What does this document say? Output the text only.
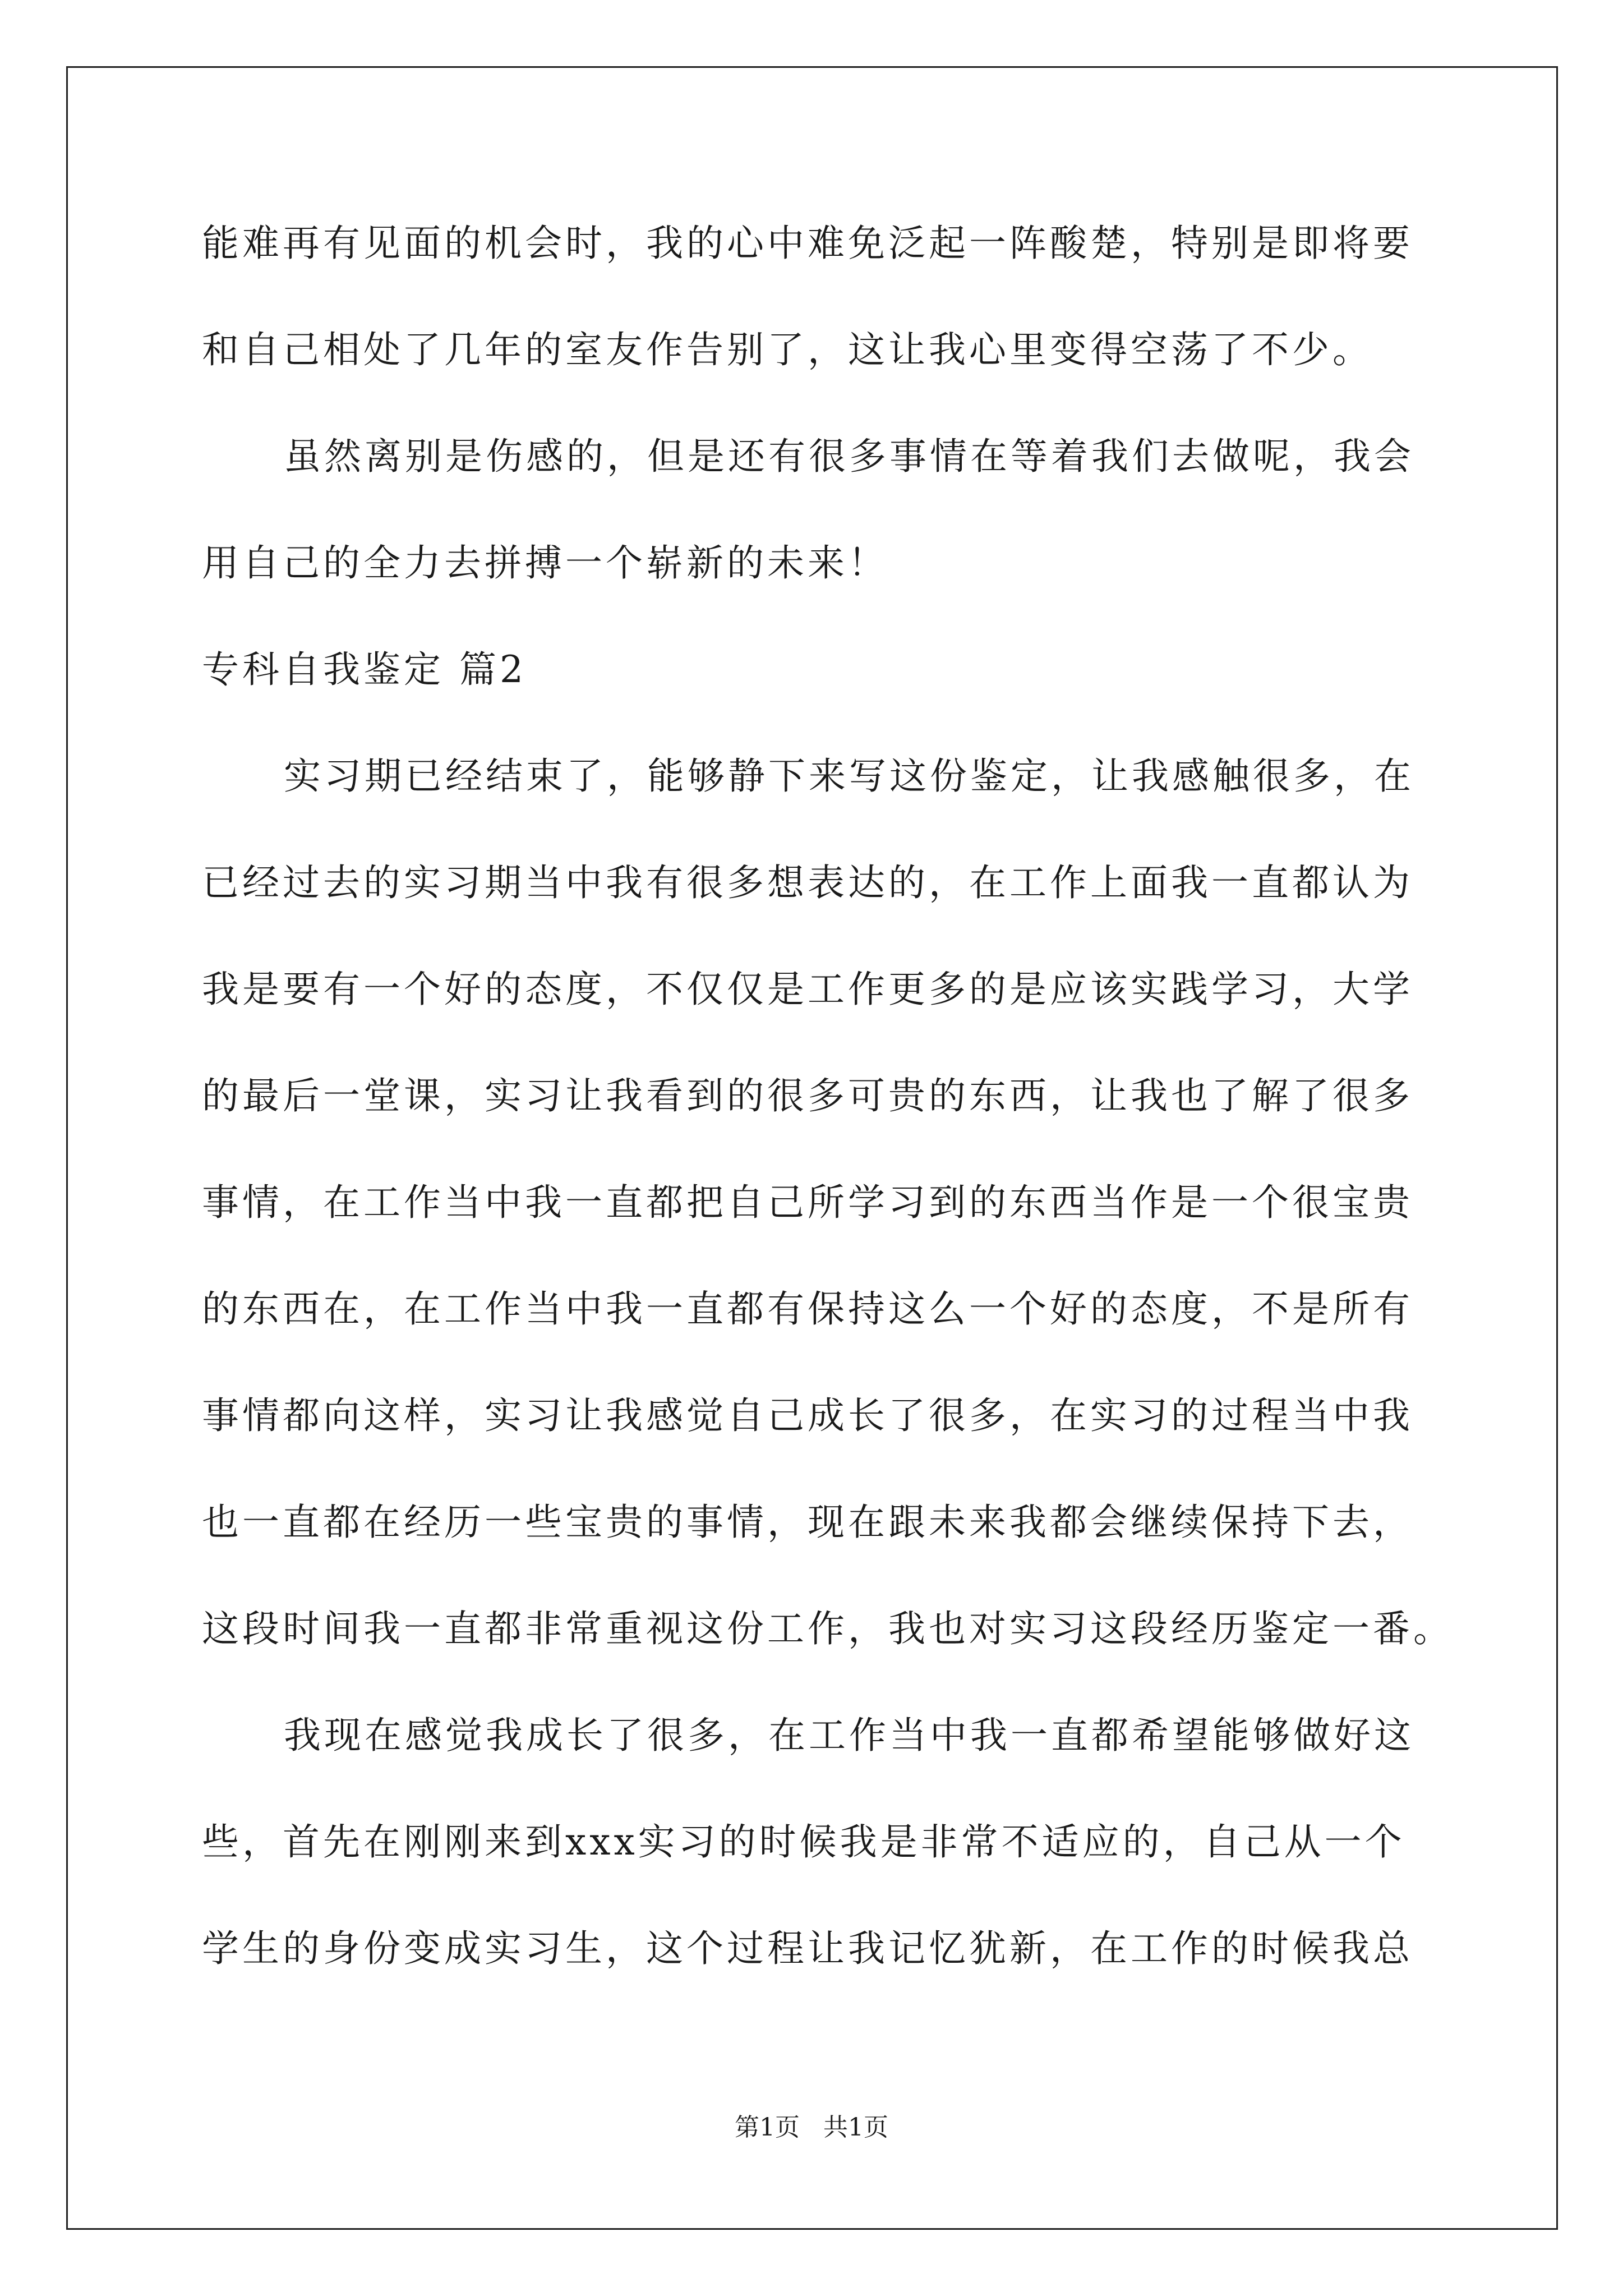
能难再有见面的机会时，我的心中难免泛起一阵酸楚，特别是即将要
和自己相处了几年的室友作告别了，这让我心里变得空荡了不少。
虽然离别是伤感的，但是还有很多事情在等着我们去做呢，我会
用自己的全力去拼搏一个崭新的未来！
专科自我鉴定 篇2
实习期已经结束了，能够静下来写这份鉴定，让我感触很多，在
已经过去的实习期当中我有很多想表达的，在工作上面我一直都认为
我是要有一个好的态度，不仅仅是工作更多的是应该实践学习，大学
的最后一堂课，实习让我看到的很多可贵的东西，让我也了解了很多
事情，在工作当中我一直都把自己所学习到的东西当作是一个很宝贵
的东西在，在工作当中我一直都有保持这么一个好的态度，不是所有
事情都向这样，实习让我感觉自己成长了很多，在实习的过程当中我
也一直都在经历一些宝贵的事情，现在跟未来我都会继续保持下去，
这段时间我一直都非常重视这份工作，我也对实习这段经历鉴定一番。
我现在感觉我成长了很多，在工作当中我一直都希望能够做好这
些，首先在刚刚来到xxx实习的时候我是非常不适应的，自己从一个
学生的身份变成实习生，这个过程让我记忆犹新，在工作的时候我总
第1页   共1页
